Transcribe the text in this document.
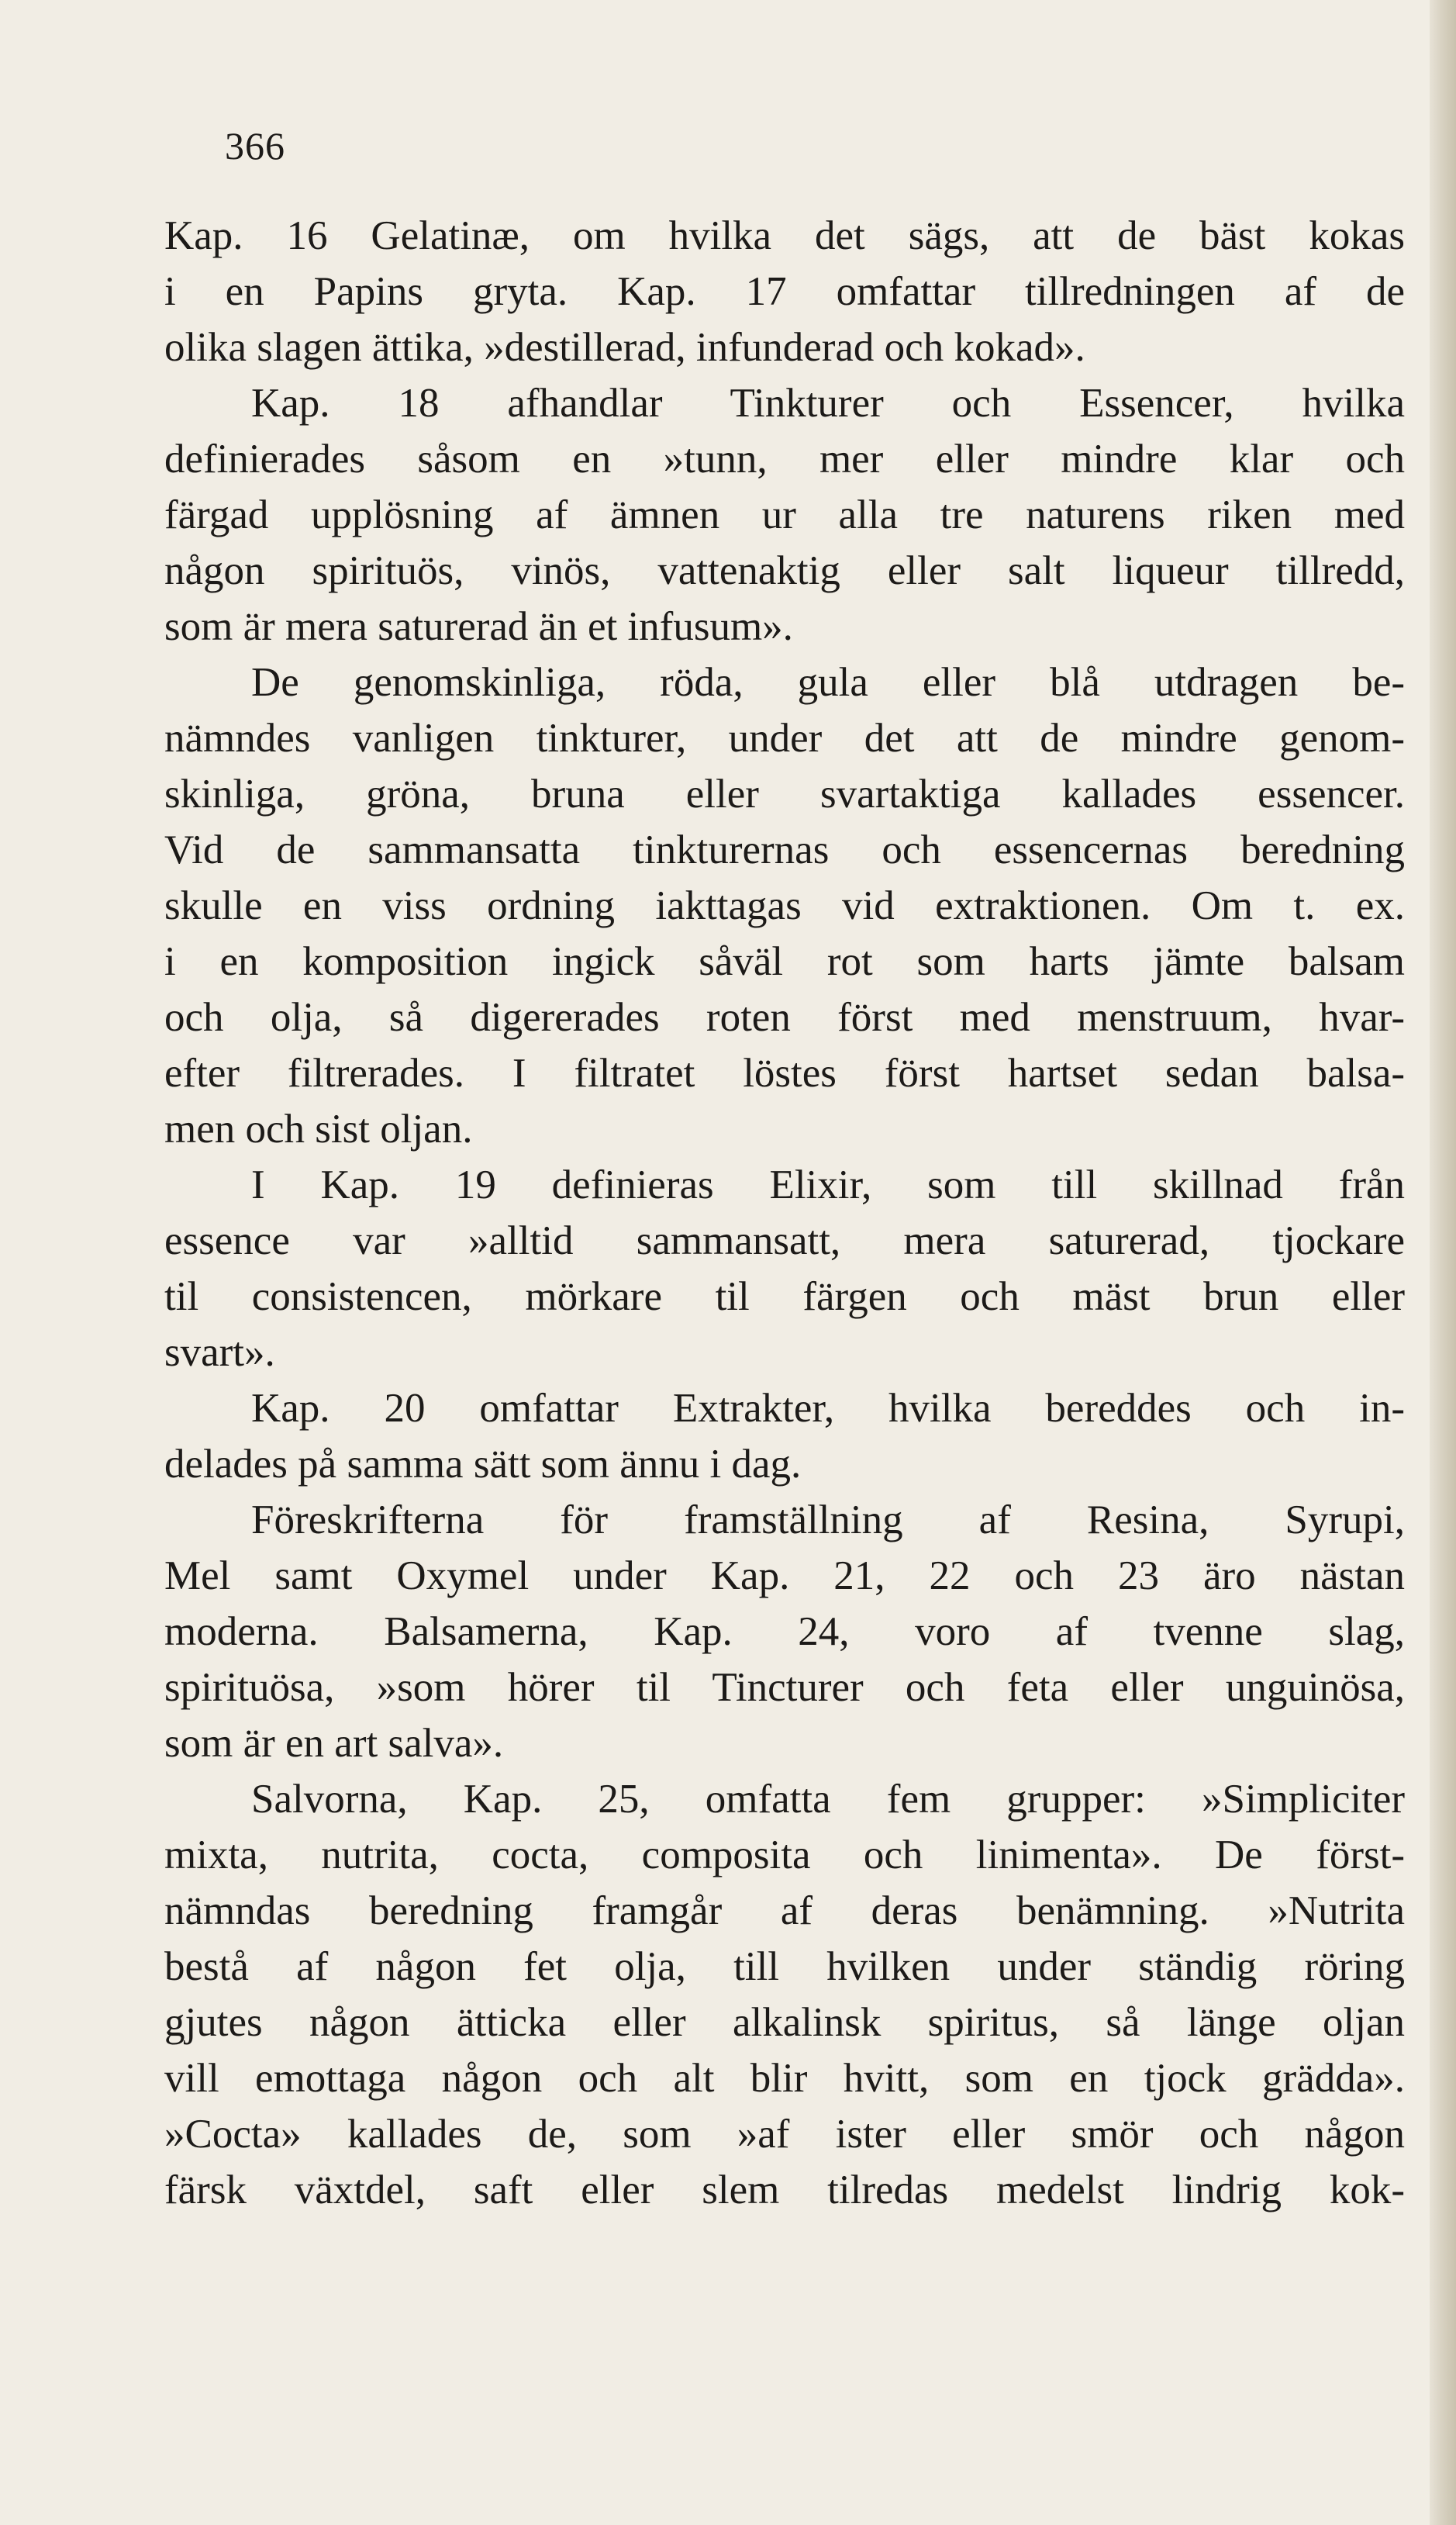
366
Kap. 16 Gelatinæ, om hvilka det sägs, att de bäst kokas
i en Papins gryta. Kap. 17 omfattar tillredningen af de
olika slagen ättika, »destillerad, infunderad och kokad».
Kap. 18 afhandlar Tinkturer och Essencer, hvilka
definierades såsom en »tunn, mer eller mindre klar och
färgad upplösning af ämnen ur alla tre naturens riken med
någon spirituös, vinös, vattenaktig eller salt liqueur tillredd,
som är mera saturerad än et infusum».
De genomskinliga, röda, gula eller blå utdragen be-
nämndes vanligen tinkturer, under det att de mindre genom-
skinliga, gröna, bruna eller svartaktiga kallades essencer.
Vid de sammansatta tinkturernas och essencernas beredning
skulle en viss ordning iakttagas vid extraktionen. Om t. ex.
i en komposition ingick såväl rot som harts jämte balsam
och olja, så digererades roten först med menstruum, hvar-
efter filtrerades. I filtratet löstes först hartset sedan balsa-
men och sist oljan.
I Kap. 19 definieras Elixir, som till skillnad från
essence var »alltid sammansatt, mera saturerad, tjockare
til consistencen, mörkare til färgen och mäst brun eller
svart».
Kap. 20 omfattar Extrakter, hvilka bereddes och in-
delades på samma sätt som ännu i dag.
Föreskrifterna för framställning af Resina, Syrupi,
Mel samt Oxymel under Kap. 21, 22 och 23 äro nästan
moderna. Balsamerna, Kap. 24, voro af tvenne slag,
spirituösa, »som hörer til Tincturer och feta eller unguinösa,
som är en art salva».
Salvorna, Kap. 25, omfatta fem grupper: »Simpliciter
mixta, nutrita, cocta, composita och linimenta». De först-
nämndas beredning framgår af deras benämning. »Nutrita
bestå af någon fet olja, till hvilken under ständig röring
gjutes någon ätticka eller alkalinsk spiritus, så länge oljan
vill emottaga någon och alt blir hvitt, som en tjock grädda».
»Cocta» kallades de, som »af ister eller smör och någon
färsk växtdel, saft eller slem tilredas medelst lindrig kok-
